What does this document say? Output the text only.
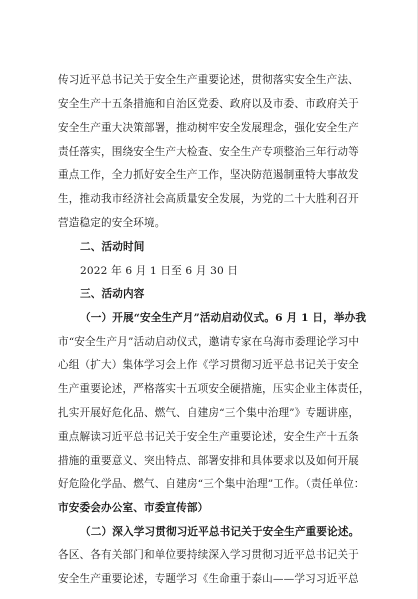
传习近平总书记关于安全生产重要论述，贯彻落实安全生产法、
安全生产十五条措施和自治区党委、政府以及市委、市政府关于
安全生产重大决策部署，推动树牢安全发展理念，强化安全生产
责任落实，围绕安全生产大检查、安全生产专项整治三年行动等
重点工作，全力抓好安全生产工作，坚决防范遏制重特大事故发
生，推动我市经济社会高质量安全发展，为党的二十大胜利召开
营造稳定的安全环境。
二、活动时间
2022 年 6 月 1 日至 6 月 30 日
三、活动内容
（一）开展“安全生产月”活动启动仪式。6 月 1 日，举办我
市“安全生产月”活动启动仪式，邀请专家在乌海市委理论学习中
心组（扩大）集体学习会上作《学习贯彻习近平总书记关于安全
生产重要论述，严格落实十五项安全硬措施，压实企业主体责任，
扎实开展好危化品、燃气、自建房“三个集中治理”》专题讲座，
重点解读习近平总书记关于安全生产重要论述，安全生产十五条
措施的重要意义、突出特点、部署安排和具体要求以及如何开展
好危险化学品、燃气、自建房“三个集中治理”工作。（责任单位：
市安委会办公室、市委宣传部）
（二）深入学习贯彻习近平总书记关于安全生产重要论述。
各区、各有关部门和单位要持续深入学习贯彻习近平总书记关于
安全生产重要论述，专题学习《生命重于泰山——学习习近平总
